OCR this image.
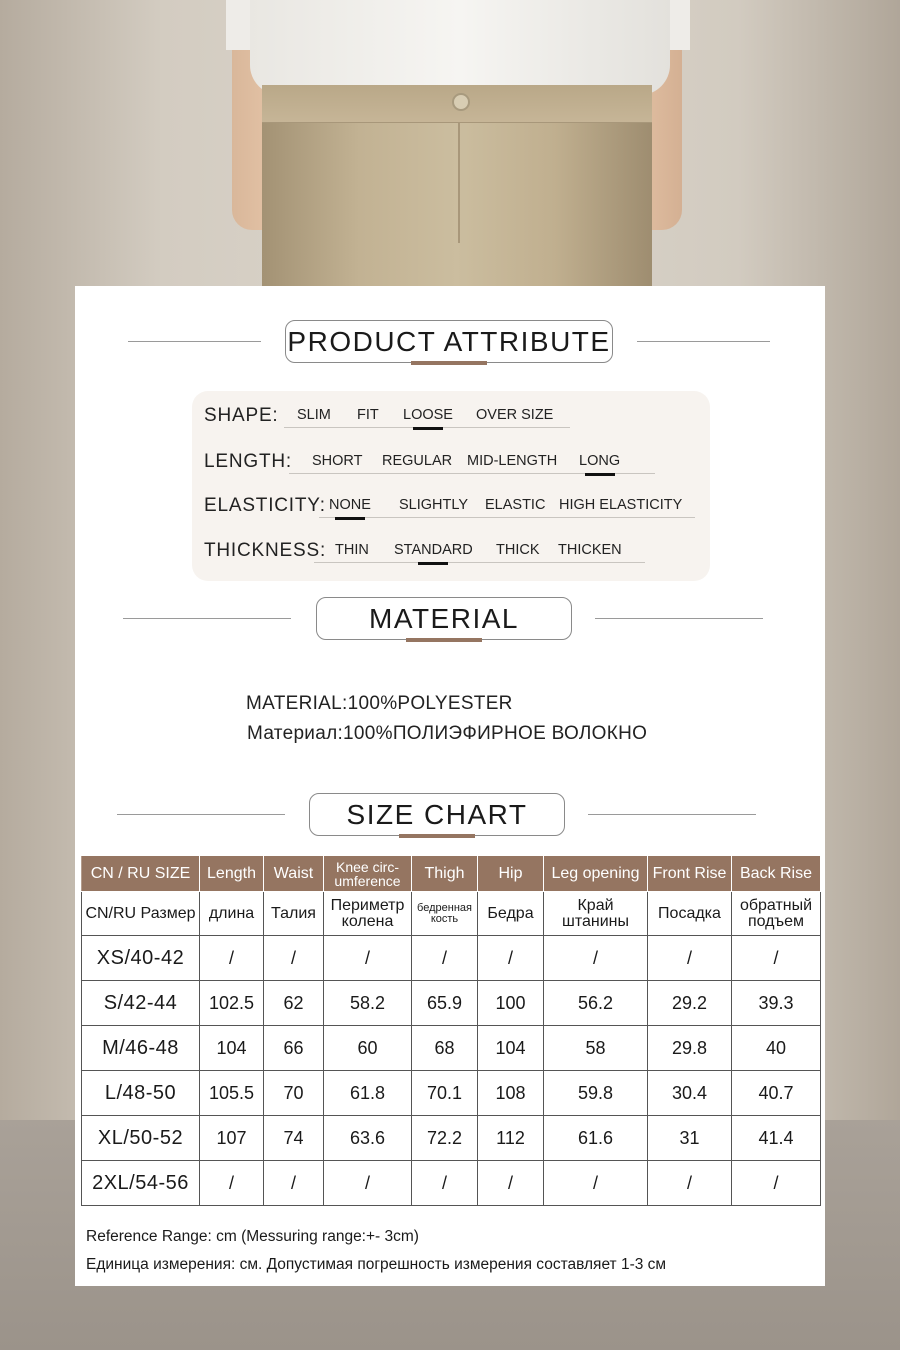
PRODUCT ATTRIBUTE
SHAPE: SLIM FIT LOOSE OVER SIZE
LENGTH: SHORT REGULAR MID-LENGTH LONG
ELASTICITY: NONE SLIGHTLY ELASTIC HIGH ELASTICITY
THICKNESS: THIN STANDARD THICK THICKEN
MATERIAL
MATERIAL:100%POLYESTER
Материал:100%ПОЛИЭФИРНОЕ ВОЛОКНО
SIZE CHART
CN / RU SIZE	Length	Waist	Knee circ-umference	Thigh	Hip	Leg opening	Front Rise	Back Rise
CN/RU Размер	длина	Талия	Периметр колена	бедренная кость	Бедра	Край штанины	Посадка	обратный подъем
XS/40-42	/	/	/	/	/	/	/	/
S/42-44	102.5	62	58.2	65.9	100	56.2	29.2	39.3
M/46-48	104	66	60	68	104	58	29.8	40
L/48-50	105.5	70	61.8	70.1	108	59.8	30.4	40.7
XL/50-52	107	74	63.6	72.2	112	61.6	31	41.4
2XL/54-56	/	/	/	/	/	/	/	/
Reference Range: cm (Messuring range:+- 3cm)
Единица измерения: см. Допустимая погрешность измерения составляет 1-3 см
